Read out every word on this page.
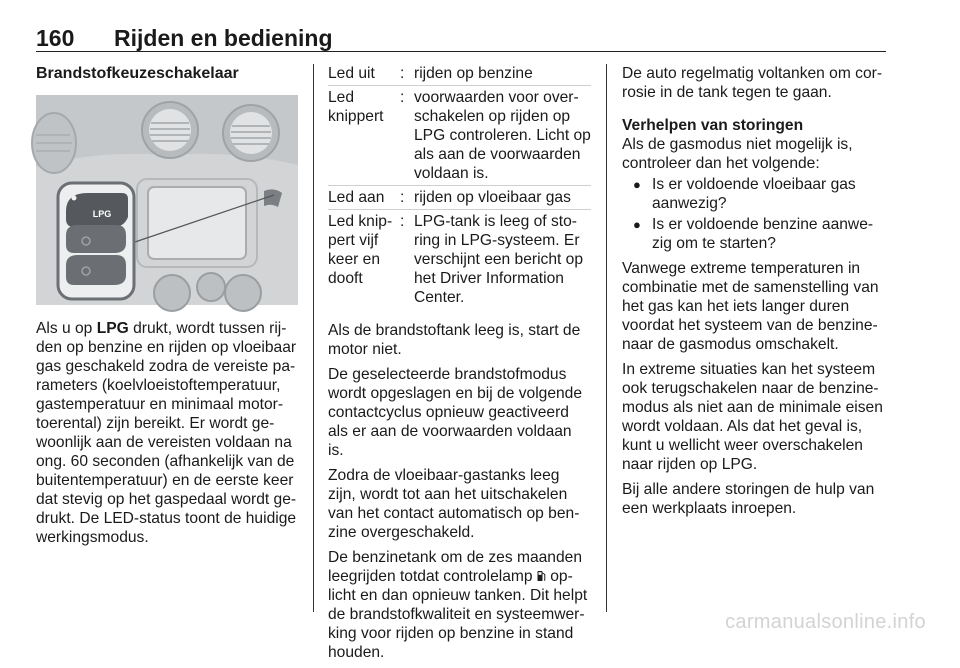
160 Rijden en bediening
Brandstofkeuzeschakelaar
LPG

Als u op LPG drukt, wordt tussen rijden op benzine en rijden op vloeibaar gas geschakeld zodra de vereiste parameters (koelvloeistoftemperatuur, gastemperatuur en minimaal motortoerental) zijn bereikt. Er wordt gewoonlijk aan de vereisten voldaan na ong. 60 seconden (afhankelijk van de buitentemperatuur) en de eerste keer dat stevig op het gaspedaal wordt gedrukt. De LED-status toont de huidige werkingsmodus.

Led uit	: rijden op benzine
Led knippert
: voorwaarden voor overschakelen op rijden op LPG controleren. Licht op als aan de voorwaarden voldaan is.
Led aan	: rijden op vloeibaar gas
Led knippert vijf keer en dooft
: LPG-tank is leeg of storing in LPG-systeem. Er verschijnt een bericht op het Driver Information Center.

Als de brandstoftank leeg is, start de motor niet.

De geselecteerde brandstofmodus wordt opgeslagen en bij de volgende contactcyclus opnieuw geactiveerd als er aan de voorwaarden voldaan is.

Zodra de vloeibaar-gastanks leeg zijn, wordt tot aan het uitschakelen van het contact automatisch op benzine overgeschakeld.

De benzinetank om de zes maanden leegrijden totdat controlelamp  oplicht en dan opnieuw tanken. Dit helpt de brandstofkwaliteit en systeemwerking voor rijden op benzine in stand houden.

De auto regelmatig voltanken om corrosie in de tank tegen te gaan.

Verhelpen van storingen

Als de gasmodus niet mogelijk is, controleer dan het volgende:

● Is er voldoende vloeibaar gas aanwezig?
● Is er voldoende benzine aanwezig om te starten?

Vanwege extreme temperaturen in combinatie met de samenstelling van het gas kan het iets langer duren voordat het systeem van de benzinenaar de gasmodus omschakelt.

In extreme situaties kan het systeem ook terugschakelen naar de benzinemodus als niet aan de minimale eisen wordt voldaan. Als dat het geval is, kunt u wellicht weer overschakelen naar rijden op LPG.

Bij alle andere storingen de hulp van een werkplaats inroepen.

carmanualsonline.info
